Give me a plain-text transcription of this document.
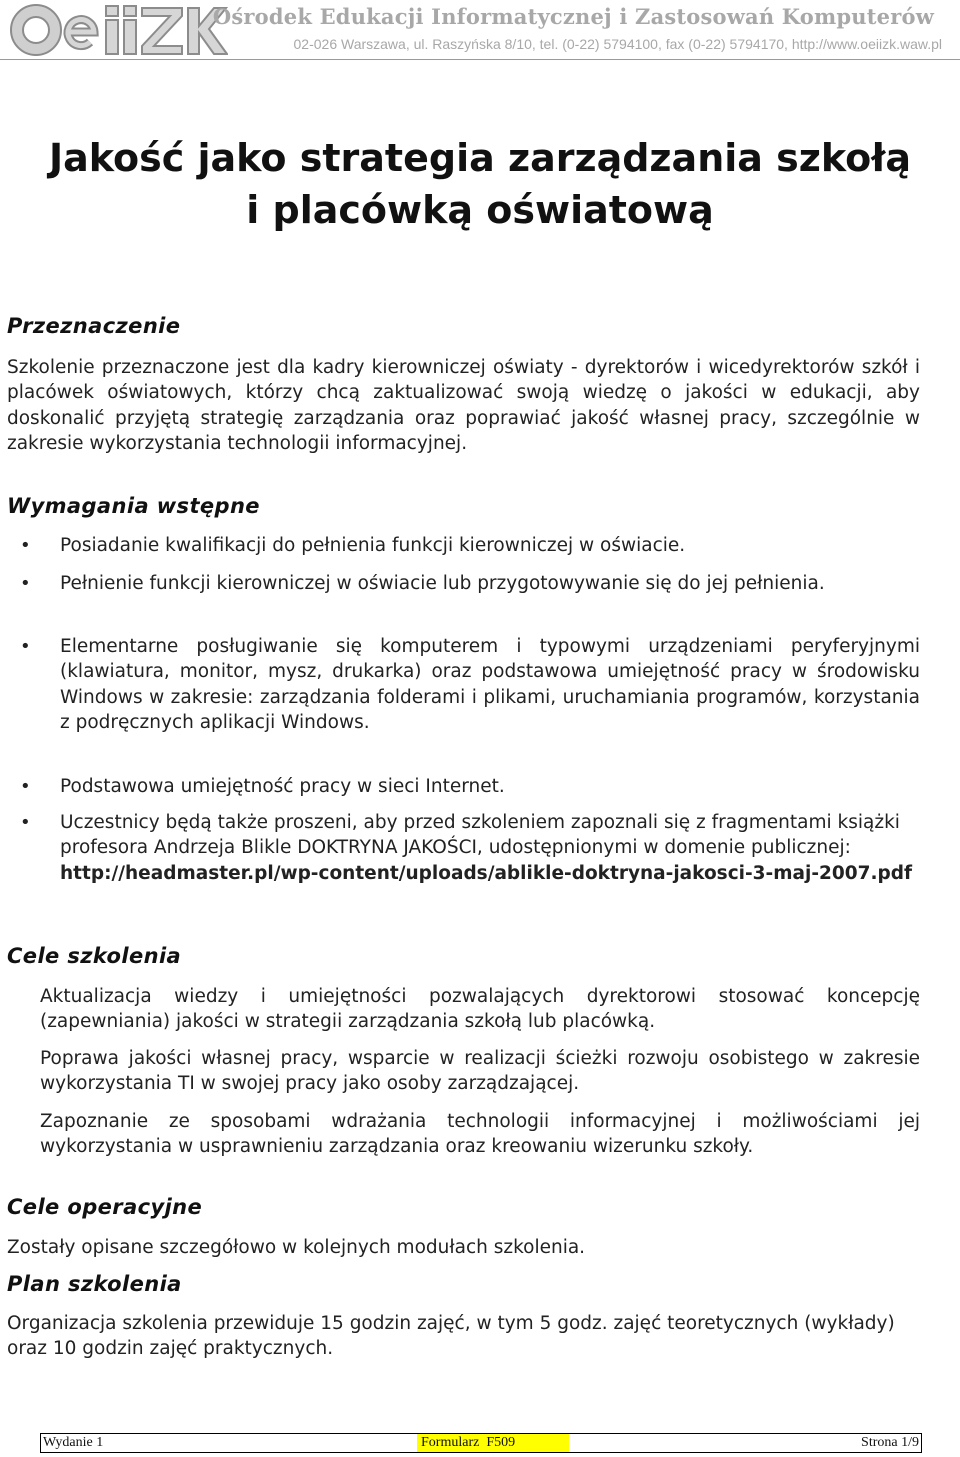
Ośrodek Edukacji Informatycznej i Zastosowań Komputerów
02-026 Warszawa, ul. Raszyńska 8/10, tel. (0-22) 5794100, fax (0-22) 5794170, http://www.oeiizk.waw.pl
Jakość jako strategia zarządzania szkołą
i placówką oświatową
Przeznaczenie
Szkolenie przeznaczone jest dla kadry kierowniczej oświaty - dyrektorów i wicedyrektorów szkół i placówek oświatowych, którzy chcą zaktualizować swoją wiedzę o jakości w edukacji, aby doskonalić przyjętą strategię zarządzania oraz poprawiać jakość własnej pracy, szczególnie w zakresie wykorzystania technologii informacyjnej.
Wymagania wstępne
• Posiadanie kwalifikacji do pełnienia funkcji kierowniczej w oświacie.
• Pełnienie funkcji kierowniczej w oświacie lub przygotowywanie się do jej pełnienia.
• Elementarne posługiwanie się komputerem i typowymi urządzeniami peryferyjnymi (klawiatura, monitor, mysz, drukarka) oraz podstawowa umiejętność pracy w środowisku Windows w zakresie: zarządzania folderami i plikami, uruchamiania programów, korzystania z podręcznych aplikacji Windows.
• Podstawowa umiejętność pracy w sieci Internet.
• Uczestnicy będą także proszeni, aby przed szkoleniem zapoznali się z fragmentami książki profesora Andrzeja Blikle DOKTRYNA JAKOŚCI, udostępnionymi w domenie publicznej:
http://headmaster.pl/wp-content/uploads/ablikle-doktryna-jakosci-3-maj-2007.pdf
Cele szkolenia
Aktualizacja wiedzy i umiejętności pozwalających dyrektorowi stosować koncepcję (zapewniania) jakości w strategii zarządzania szkołą lub placówką.
Poprawa jakości własnej pracy, wsparcie w realizacji ścieżki rozwoju osobistego w zakresie wykorzystania TI w swojej pracy jako osoby zarządzającej.
Zapoznanie ze sposobami wdrażania technologii informacyjnej i możliwościami jej wykorzystania w usprawnieniu zarządzania oraz kreowaniu wizerunku szkoły.
Cele operacyjne
Zostały opisane szczegółowo w kolejnych modułach szkolenia.
Plan szkolenia
Organizacja szkolenia przewiduje 15 godzin zajęć, w tym 5 godz. zajęć teoretycznych (wykłady) oraz 10 godzin zajęć praktycznych.
Wydanie 1	Formularz  F509	Strona 1/9
